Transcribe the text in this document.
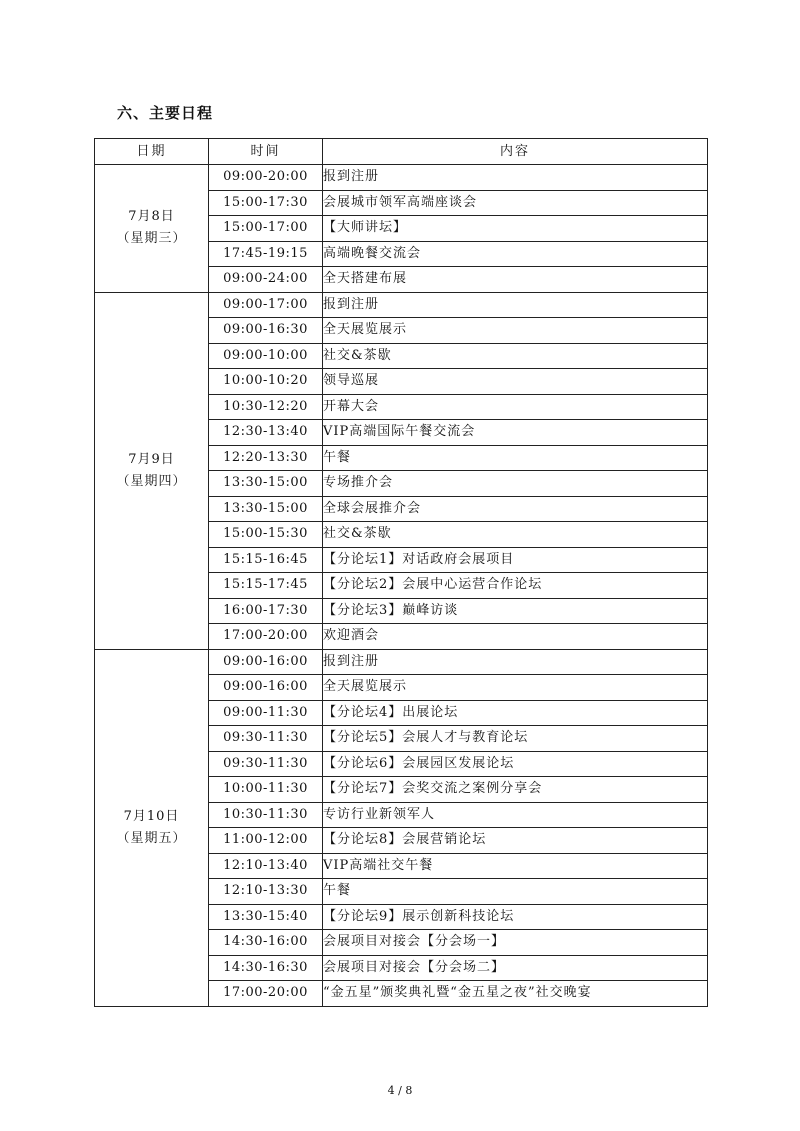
六、主要日程
日期	时间	内容

7月8日
（星期三）	09:00-20:00	报到注册
	15:00-17:30	会展城市领军高端座谈会
	15:00-17:00	【大师讲坛】
	17:45-19:15	高端晚餐交流会
	09:00-24:00	全天搭建布展

7月9日
（星期四）	09:00-17:00	报到注册
	09:00-16:30	全天展览展示
	09:00-10:00	社交&茶歇
	10:00-10:20	领导巡展
	10:30-12:20	开幕大会
	12:30-13:40	VIP高端国际午餐交流会
	12:20-13:30	午餐
	13:30-15:00	专场推介会
	13:30-15:00	全球会展推介会
	15:00-15:30	社交&茶歇
	15:15-16:45	【分论坛1】对话政府会展项目
	15:15-17:45	【分论坛2】会展中心运营合作论坛
	16:00-17:30	【分论坛3】巅峰访谈
	17:00-20:00	欢迎酒会

7月10日
（星期五）	09:00-16:00	报到注册
	09:00-16:00	全天展览展示
	09:00-11:30	【分论坛4】出展论坛
	09:30-11:30	【分论坛5】会展人才与教育论坛
	09:30-11:30	【分论坛6】会展园区发展论坛
	10:00-11:30	【分论坛7】会奖交流之案例分享会
	10:30-11:30	专访行业新领军人
	11:00-12:00	【分论坛8】会展营销论坛
	12:10-13:40	VIP高端社交午餐
	12:10-13:30	午餐
	13:30-15:40	【分论坛9】展示创新科技论坛
	14:30-16:00	会展项目对接会【分会场一】
	14:30-16:30	会展项目对接会【分会场二】
	17:00-20:00	“金五星”颁奖典礼暨“金五星之夜”社交晚宴
4 / 8
